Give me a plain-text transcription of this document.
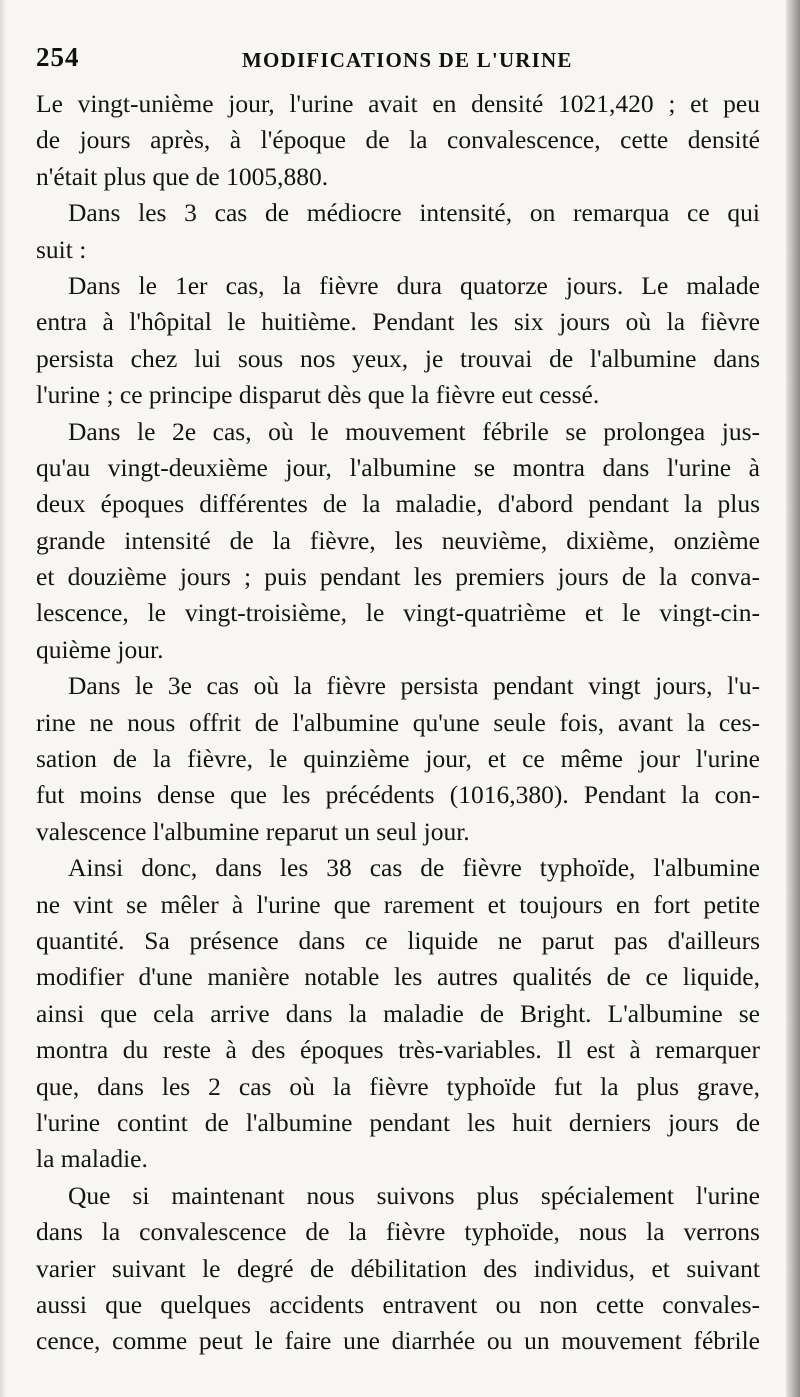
254	MODIFICATIONS DE L'URINE
Le vingt-unième jour, l'urine avait en densité 1021,420 ; et peu
de jours après, à l'époque de la convalescence, cette densité
n'était plus que de 1005,880.
Dans les 3 cas de médiocre intensité, on remarqua ce qui
suit :
Dans le 1er cas, la fièvre dura quatorze jours. Le malade
entra à l'hôpital le huitième. Pendant les six jours où la fièvre
persista chez lui sous nos yeux, je trouvai de l'albumine dans
l'urine ; ce principe disparut dès que la fièvre eut cessé.
Dans le 2e cas, où le mouvement fébrile se prolongea jus-
qu'au vingt-deuxième jour, l'albumine se montra dans l'urine à
deux époques différentes de la maladie, d'abord pendant la plus
grande intensité de la fièvre, les neuvième, dixième, onzième
et douzième jours ; puis pendant les premiers jours de la conva-
lescence, le vingt-troisième, le vingt-quatrième et le vingt-cin-
quième jour.
Dans le 3e cas où la fièvre persista pendant vingt jours, l'u-
rine ne nous offrit de l'albumine qu'une seule fois, avant la ces-
sation de la fièvre, le quinzième jour, et ce même jour l'urine
fut moins dense que les précédents (1016,380). Pendant la con-
valescence l'albumine reparut un seul jour.
Ainsi donc, dans les 38 cas de fièvre typhoïde, l'albumine
ne vint se mêler à l'urine que rarement et toujours en fort petite
quantité. Sa présence dans ce liquide ne parut pas d'ailleurs
modifier d'une manière notable les autres qualités de ce liquide,
ainsi que cela arrive dans la maladie de Bright. L'albumine se
montra du reste à des époques très-variables. Il est à remarquer
que, dans les 2 cas où la fièvre typhoïde fut la plus grave,
l'urine contint de l'albumine pendant les huit derniers jours de
la maladie.
Que si maintenant nous suivons plus spécialement l'urine
dans la convalescence de la fièvre typhoïde, nous la verrons
varier suivant le degré de débilitation des individus, et suivant
aussi que quelques accidents entravent ou non cette convales-
cence, comme peut le faire une diarrhée ou un mouvement fébrile
